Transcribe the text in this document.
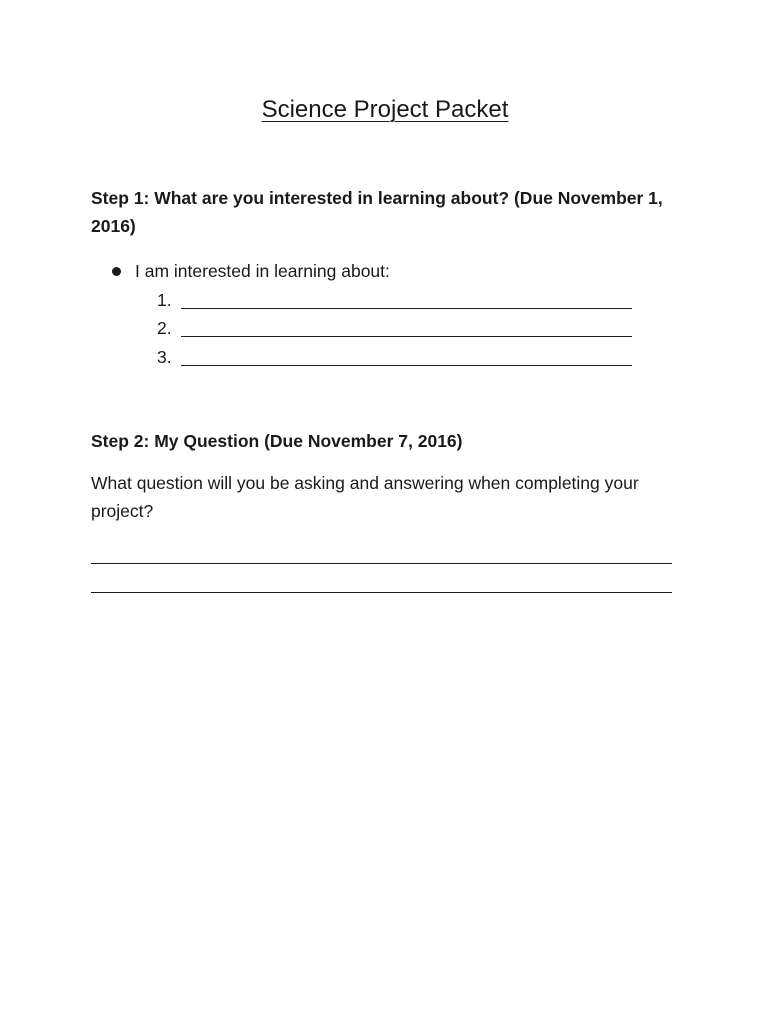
Science Project Packet
Step 1: What are you interested in learning about? (Due November 1, 2016)
I am interested in learning about:
1.
2.
3.
Step 2: My Question (Due November 7, 2016)
What question will you be asking and answering when completing your project?
